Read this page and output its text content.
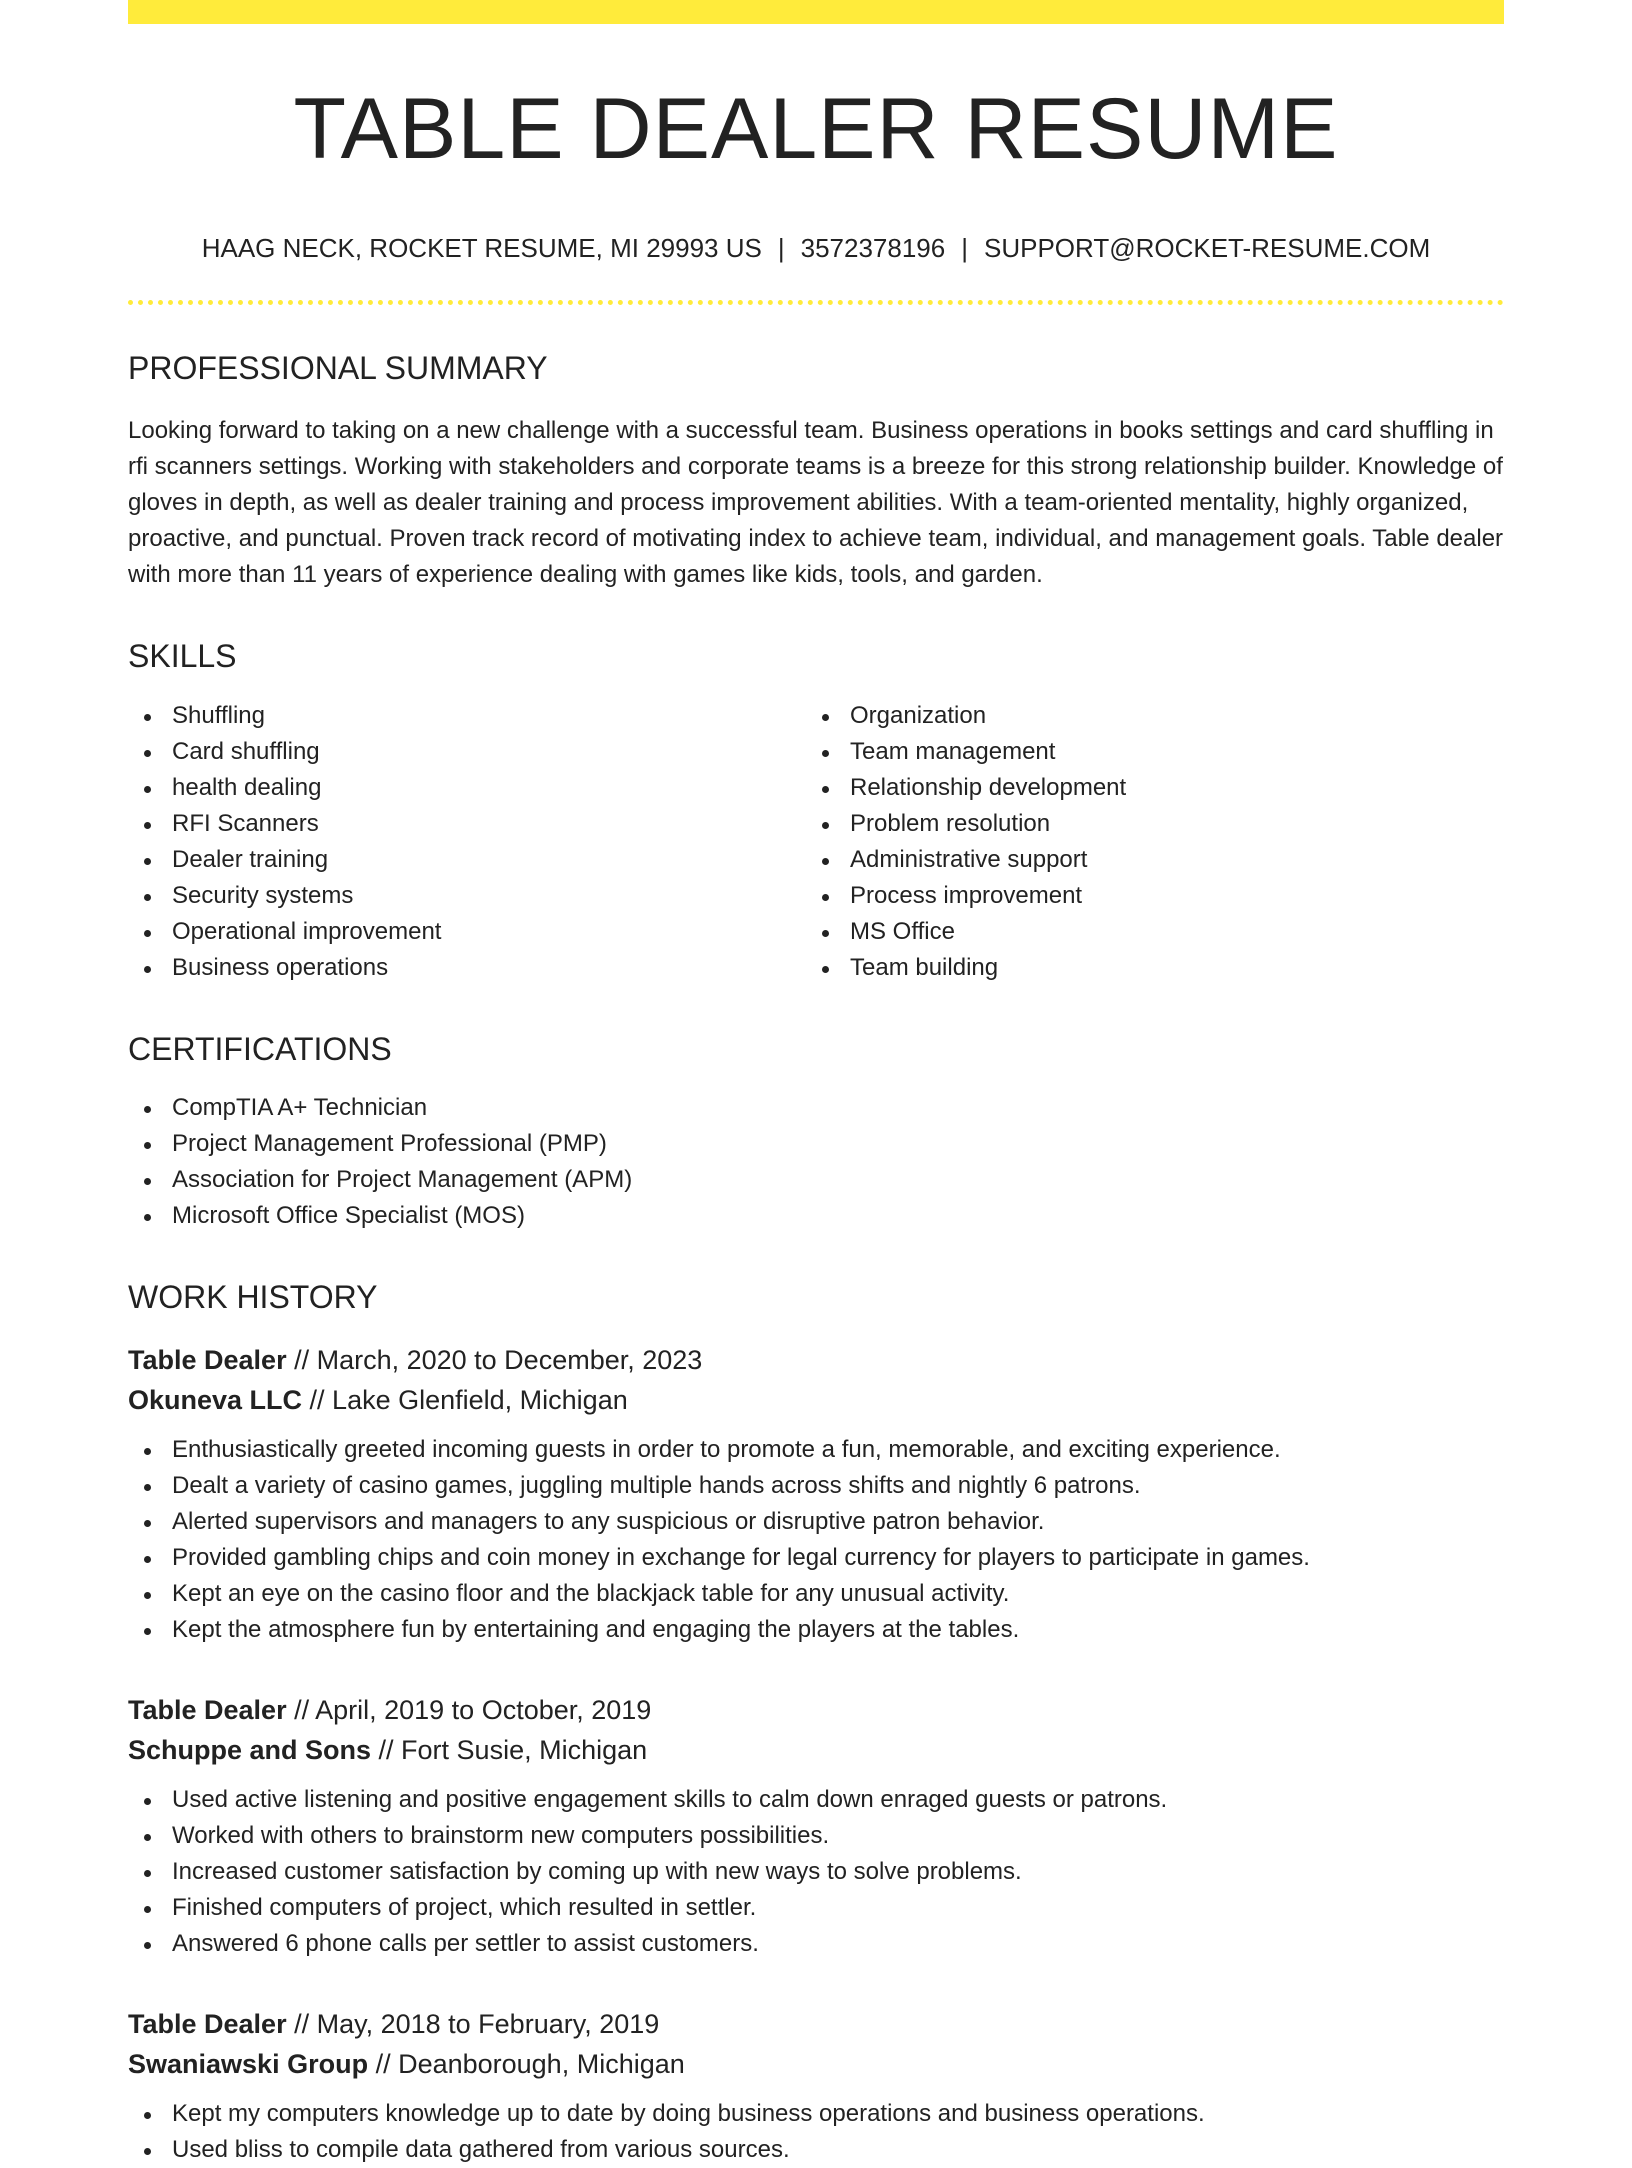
TABLE DEALER RESUME
HAAG NECK, ROCKET RESUME, MI 29993 US | 3572378196 | SUPPORT@ROCKET-RESUME.COM
PROFESSIONAL SUMMARY

Looking forward to taking on a new challenge with a successful team. Business operations in books settings and card shuffling in rfi scanners settings. Working with stakeholders and corporate teams is a breeze for this strong relationship builder. Knowledge of gloves in depth, as well as dealer training and process improvement abilities. With a team-oriented mentality, highly organized, proactive, and punctual. Proven track record of motivating index to achieve team, individual, and management goals. Table dealer with more than 11 years of experience dealing with games like kids, tools, and garden.

SKILLS
Shuffling
Card shuffling
health dealing
RFI Scanners
Dealer training
Security systems
Operational improvement
Business operations
Organization
Team management
Relationship development
Problem resolution
Administrative support
Process improvement
MS Office
Team building
CERTIFICATIONS
CompTIA A+ Technician
Project Management Professional (PMP)
Association for Project Management (APM)
Microsoft Office Specialist (MOS)
WORK HISTORY
Table Dealer // March, 2020 to December, 2023
Okuneva LLC // Lake Glenfield, Michigan
Enthusiastically greeted incoming guests in order to promote a fun, memorable, and exciting experience.
Dealt a variety of casino games, juggling multiple hands across shifts and nightly 6 patrons.
Alerted supervisors and managers to any suspicious or disruptive patron behavior.
Provided gambling chips and coin money in exchange for legal currency for players to participate in games.
Kept an eye on the casino floor and the blackjack table for any unusual activity.
Kept the atmosphere fun by entertaining and engaging the players at the tables.
Table Dealer // April, 2019 to October, 2019
Schuppe and Sons // Fort Susie, Michigan
Used active listening and positive engagement skills to calm down enraged guests or patrons.
Worked with others to brainstorm new computers possibilities.
Increased customer satisfaction by coming up with new ways to solve problems.
Finished computers of project, which resulted in settler.
Answered 6 phone calls per settler to assist customers.
Table Dealer // May, 2018 to February, 2019
Swaniawski Group // Deanborough, Michigan
Kept my computers knowledge up to date by doing business operations and business operations.
Used bliss to compile data gathered from various sources.
